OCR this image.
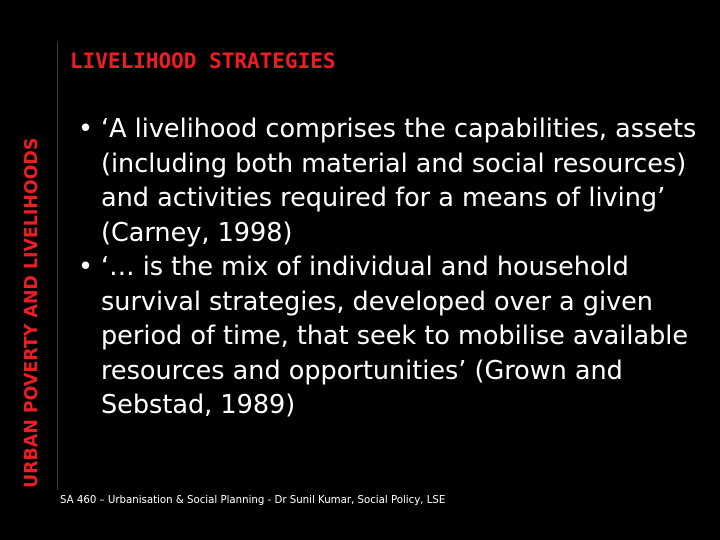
URBAN POVERTY AND LIVELIHOODS
LIVELIHOOD STRATEGIES
• ‘A livelihood comprises the capabilities, assets (including both material and social resources) and activities required for a means of living’ (Carney, 1998)
• ‘… is the mix of individual and household survival strategies, developed over a given period of time, that seek to mobilise available resources and opportunities’ (Grown and Sebstad, 1989)
SA 460 – Urbanisation & Social Planning - Dr Sunil Kumar, Social Policy, LSE
